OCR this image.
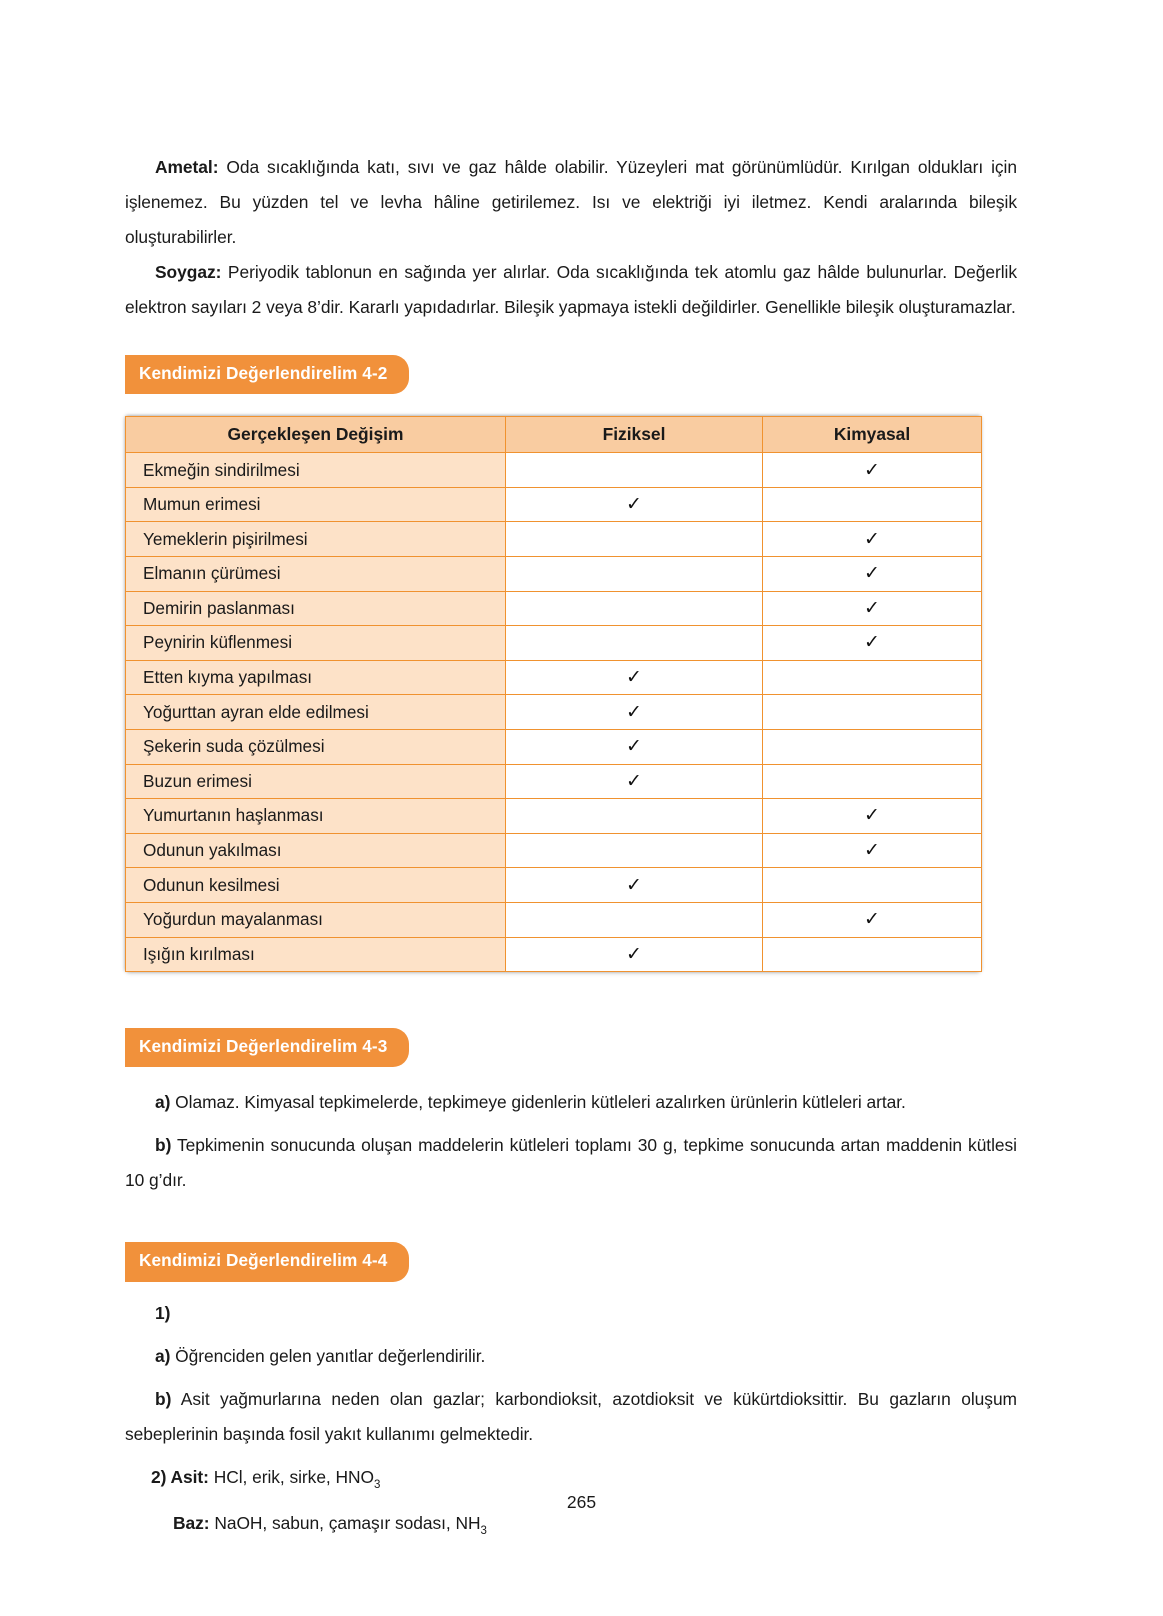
Ametal: Oda sıcaklığında katı, sıvı ve gaz hâlde olabilir. Yüzeyleri mat görünümlüdür. Kırılgan oldukları için işlenemez. Bu yüzden tel ve levha hâline getirilemez. Isı ve elektriği iyi iletmez. Kendi aralarında bileşik oluşturabilirler.

Soygaz: Periyodik tablonun en sağında yer alırlar. Oda sıcaklığında tek atomlu gaz hâlde bulunurlar. Değerlik elektron sayıları 2 veya 8’dir. Kararlı yapıdadırlar. Bileşik yapmaya istekli değildirler. Genellikle bileşik oluşturamazlar.

Kendimizi Değerlendirelim 4-2
Gerçekleşen Değişim	Fiziksel	Kimyasal
Ekmeğin sindirilmesi		✓
Mumun erimesi	✓	
Yemeklerin pişirilmesi		✓
Elmanın çürümesi		✓
Demirin paslanması		✓
Peynirin küflenmesi		✓
Etten kıyma yapılması	✓	
Yoğurttan ayran elde edilmesi	✓	
Şekerin suda çözülmesi	✓	
Buzun erimesi	✓	
Yumurtanın haşlanması		✓
Odunun yakılması		✓
Odunun kesilmesi	✓	
Yoğurdun mayalanması		✓
Işığın kırılması	✓	
Kendimizi Değerlendirelim 4-3

a) Olamaz. Kimyasal tepkimelerde, tepkimeye gidenlerin kütleleri azalırken ürünlerin kütleleri artar.

b) Tepkimenin sonucunda oluşan maddelerin kütleleri toplamı 30 g, tepkime sonucunda artan maddenin kütlesi 10 g’dır.

Kendimizi Değerlendirelim 4-4

1)

a) Öğrenciden gelen yanıtlar değerlendirilir.

b) Asit yağmurlarına neden olan gazlar; karbondioksit, azotdioksit ve kükürtdioksittir. Bu gazların oluşum sebeplerinin başında fosil yakıt kullanımı gelmektedir.

2) Asit: HCl, erik, sirke, $HNO_3$

Baz: NaOH, sabun, çamaşır sodası, $NH_3$

265
